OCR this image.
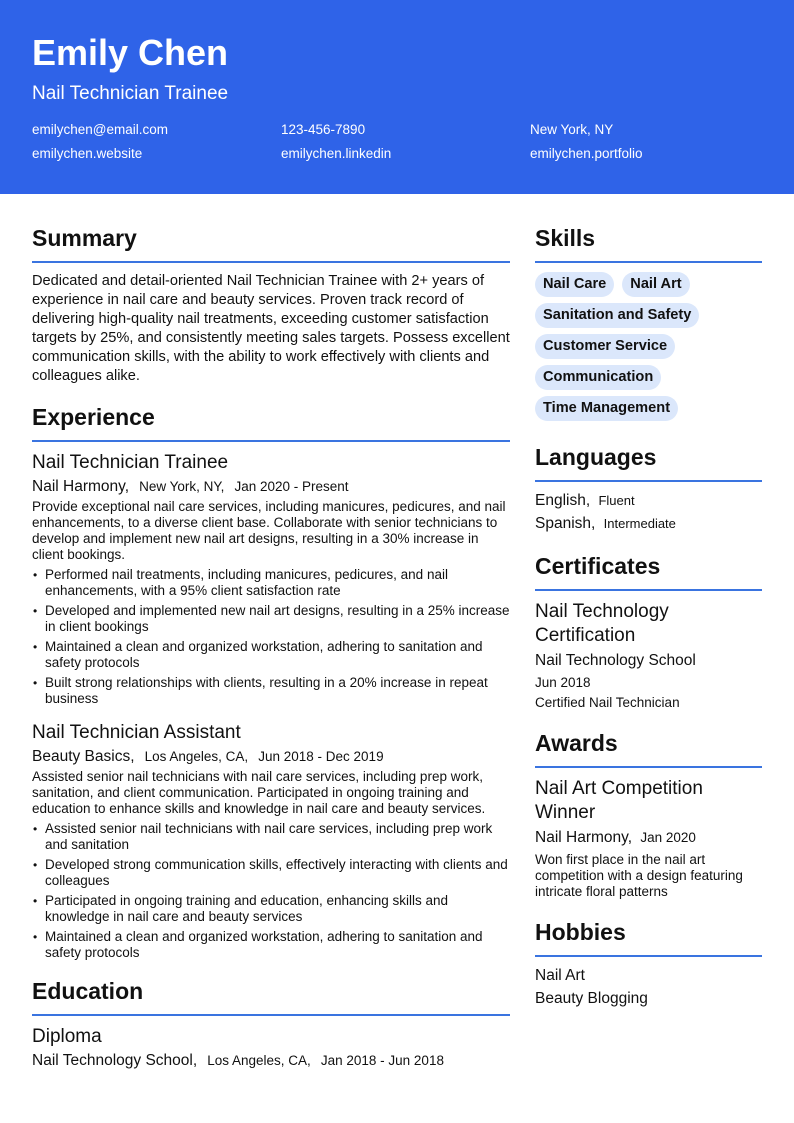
Emily Chen
Nail Technician Trainee
emilychen@email.com	123-456-7890	New York, NY
emilychen.website	emilychen.linkedin	emilychen.portfolio
Summary
Dedicated and detail-oriented Nail Technician Trainee with 2+ years of experience in nail care and beauty services. Proven track record of delivering high-quality nail treatments, exceeding customer satisfaction targets by 25%, and consistently meeting sales targets. Possess excellent communication skills, with the ability to work effectively with clients and colleagues alike.
Experience
Nail Technician Trainee
Nail Harmony, New York, NY, Jan 2020 - Present
Provide exceptional nail care services, including manicures, pedicures, and nail enhancements, to a diverse client base. Collaborate with senior technicians to develop and implement new nail art designs, resulting in a 30% increase in client bookings.
• Performed nail treatments, including manicures, pedicures, and nail enhancements, with a 95% client satisfaction rate
• Developed and implemented new nail art designs, resulting in a 25% increase in client bookings
• Maintained a clean and organized workstation, adhering to sanitation and safety protocols
• Built strong relationships with clients, resulting in a 20% increase in repeat business
Nail Technician Assistant
Beauty Basics, Los Angeles, CA, Jun 2018 - Dec 2019
Assisted senior nail technicians with nail care services, including prep work, sanitation, and client communication. Participated in ongoing training and education to enhance skills and knowledge in nail care and beauty services.
• Assisted senior nail technicians with nail care services, including prep work and sanitation
• Developed strong communication skills, effectively interacting with clients and colleagues
• Participated in ongoing training and education, enhancing skills and knowledge in nail care and beauty services
• Maintained a clean and organized workstation, adhering to sanitation and safety protocols
Education
Diploma
Nail Technology School, Los Angeles, CA, Jan 2018 - Jun 2018
Skills
Nail Care	Nail Art
Sanitation and Safety
Customer Service
Communication
Time Management
Languages
English, Fluent
Spanish, Intermediate
Certificates
Nail Technology Certification
Nail Technology School
Jun 2018
Certified Nail Technician
Awards
Nail Art Competition Winner
Nail Harmony, Jan 2020
Won first place in the nail art competition with a design featuring intricate floral patterns
Hobbies
Nail Art
Beauty Blogging
